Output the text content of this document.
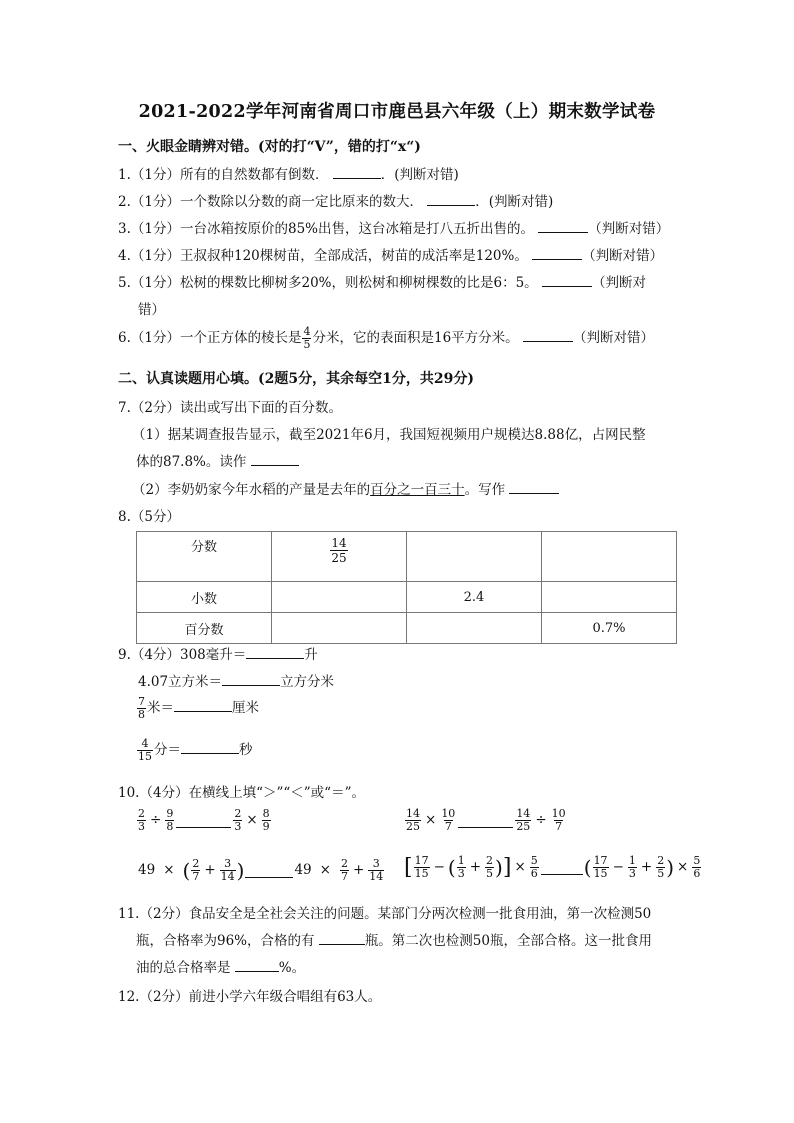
2021-2022学年河南省周口市鹿邑县六年级（上）期末数学试卷
一、火眼金睛辨对错。(对的打“V”，错的打“x“)
1.（1分）所有的自然数都有倒数．	．(判断对错)
2.（1分）一个数除以分数的商一定比原来的数大．	．(判断对错)
3.（1分）一台冰箱按原价的85%出售，这台冰箱是打八五折出售的。	（判断对错）
4.（1分）王叔叔种120棵树苗，全部成活，树苗的成活率是120%。	（判断对错）
5.（1分）松树的棵数比柳树多20%，则松树和柳树棵数的比是6：5。	（判断对
错）
6.（1分）一个正方体的棱长是 $\frac{4}{5}$ 分米，它的表面积是16平方分米。	（判断对错）
二、认真读题用心填。(2题5分，其余每空1分，共29分)
7.（2分）读出或写出下面的百分数。
（1）据某调查报告显示，截至2021年6月，我国短视频用户规模达8.88亿，占网民整
体的87.8%。读作
（2）李奶奶家今年水稻的产量是去年的百分之一百三十。写作
8.（5分）
分数	$\frac{14}{25}$

小数		2.4	
百分数			0.7%
9.（4分）308毫升＝	升
4.07立方米＝	立方分米
$\frac{7}{8}$ 米＝	厘米
$\frac{4}{15}$ 分＝	秒
10.（4分）在横线上填“＞”“＜”或“＝”。
$\frac{2}{3} \div \frac{9}{8}$	$\frac{2}{3} \times \frac{8}{9}$	$\frac{14}{25} \times \frac{10}{7}$	$\frac{14}{25} \div \frac{10}{7}$
49 × ( $\frac{2}{7} + \frac{3}{14}$ )	$49 \times \frac{2}{7} + \frac{3}{14}$ [ $\frac{17}{15}$ − ( $\frac{1}{3} + \frac{2}{5}$ )] × $\frac{5}{6}$ ( $\frac{17}{15} - \frac{1}{3} + \frac{2}{5}$ ) × $\frac{5}{6}$
11.（2分）食品安全是全社会关注的问题。某部门分两次检测一批食用油，第一次检测50
瓶，合格率为96%，合格的有	瓶。第二次也检测50瓶，全部合格。这一批食用
油的总合格率是	%。
12.（2分）前进小学六年级合唱组有63人。
